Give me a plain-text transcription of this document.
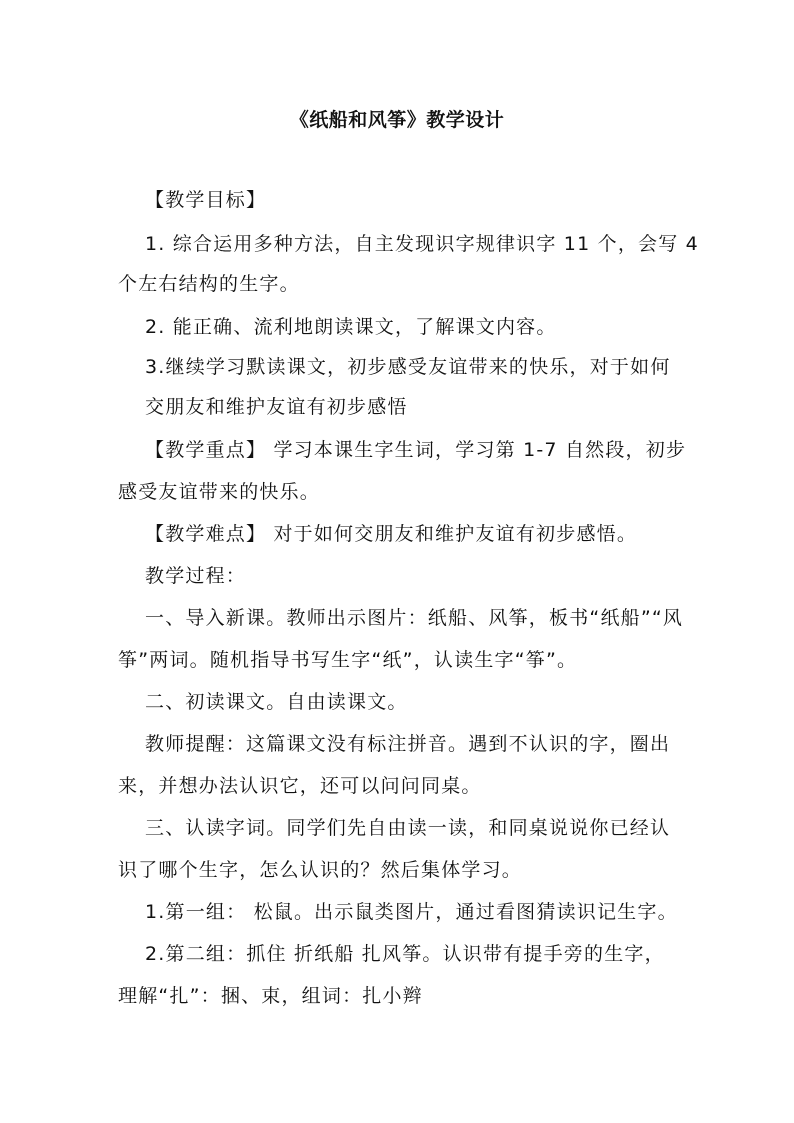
《纸船和风筝》教学设计
【教学目标】
1. 综合运用多种方法，自主发现识字规律识字 11 个，会写 4
个左右结构的生字。
2. 能正确、流利地朗读课文，了解课文内容。
3.继续学习默读课文，初步感受友谊带来的快乐，对于如何
交朋友和维护友谊有初步感悟
【教学重点】 学习本课生字生词，学习第 1-7 自然段，初步
感受友谊带来的快乐。
【教学难点】 对于如何交朋友和维护友谊有初步感悟。
教学过程：
一、导入新课。教师出示图片：纸船、风筝，板书“纸船”“风
筝”两词。随机指导书写生字“纸”，认读生字“筝”。
二、初读课文。自由读课文。
教师提醒：这篇课文没有标注拼音。遇到不认识的字，圈出
来，并想办法认识它，还可以问问同桌。
三、认读字词。同学们先自由读一读，和同桌说说你已经认
识了哪个生字，怎么认识的？然后集体学习。
1.第一组： 松鼠。出示鼠类图片，通过看图猜读识记生字。
2.第二组：抓住 折纸船 扎风筝。认识带有提手旁的生字，
理解“扎”：捆、束，组词：扎小辫
